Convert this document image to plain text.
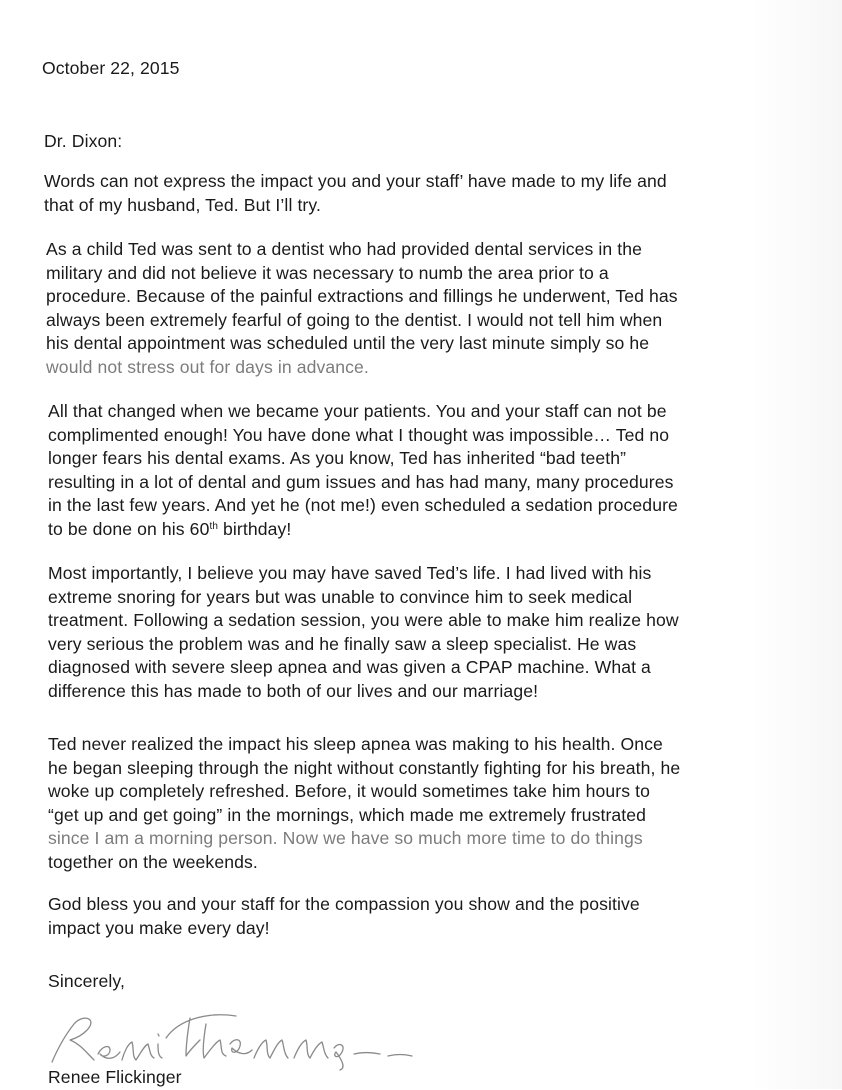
October 22, 2015

Dr. Dixon:

Words can not express the impact you and your staff’ have made to my life and
that of my husband, Ted. But I’ll try.
As a child Ted was sent to a dentist who had provided dental services in the
military and did not believe it was necessary to numb the area prior to a
procedure. Because of the painful extractions and fillings he underwent, Ted has
always been extremely fearful of going to the dentist. I would not tell him when
his dental appointment was scheduled until the very last minute simply so he
would not stress out for days in advance.
All that changed when we became your patients. You and your staff can not be
complimented enough! You have done what I thought was impossible… Ted no
longer fears his dental exams. As you know, Ted has inherited “bad teeth”
resulting in a lot of dental and gum issues and has had many, many procedures
in the last few years. And yet he (not me!) even scheduled a sedation procedure
to be done on his 60th birthday!
Most importantly, I believe you may have saved Ted’s life. I had lived with his
extreme snoring for years but was unable to convince him to seek medical
treatment. Following a sedation session, you were able to make him realize how
very serious the problem was and he finally saw a sleep specialist. He was
diagnosed with severe sleep apnea and was given a CPAP machine. What a
difference this has made to both of our lives and our marriage!
Ted never realized the impact his sleep apnea was making to his health. Once
he began sleeping through the night without constantly fighting for his breath, he
woke up completely refreshed. Before, it would sometimes take him hours to
“get up and get going” in the mornings, which made me extremely frustrated
since I am a morning person. Now we have so much more time to do things
together on the weekends.
God bless you and your staff for the compassion you show and the positive
impact you make every day!

Sincerely,

Renee Flickinger
